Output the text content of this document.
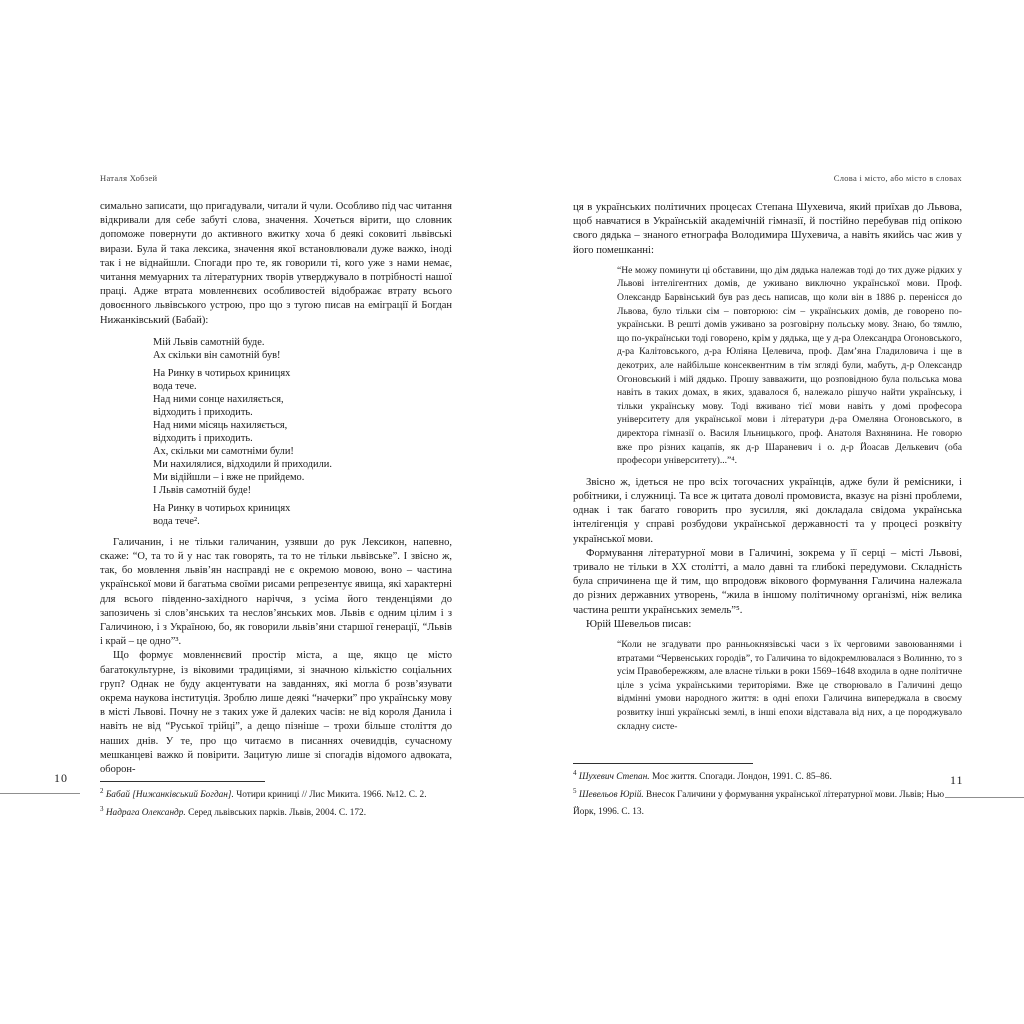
Наталя Хобзей

симально записати, що пригадували, читали й чули. Особливо під час читання відкривали для себе забуті слова, значення. Хочеться вірити, що словник допоможе повернути до активного вжитку хоча б деякі соковиті львівські вирази. Була й така лексика, значення якої встановлювали дуже важко, іноді так і не віднайшли. Спогади про те, як говорили ті, кого уже з нами немає, читання мемуарних та літературних творів утверджувало в потрібності нашої праці. Адже втрата мовленнєвих особливостей відображає втрату всього довоєнного львівського устрою, про що з тугою писав на еміграції й Богдан Нижанківський (Бабай):

Мій Львів самотній буде.

Ах скільки він самотній був!

На Ринку в чотирьох криницях

вода тече.

Над ними сонце нахиляється,

відходить і приходить.

Над ними місяць нахиляється,

відходить і приходить.

Ах, скільки ми самотніми були!

Ми нахилялися, відходили й приходили.

Ми відійшли – і вже не прийдемо.

І Львів самотній буде!

На Ринку в чотирьох криницях

вода тече².

Галичанин, і не тільки галичанин, узявши до рук Лексикон, напевно, скаже: “О, та то й у нас так говорять, та то не тільки львівське”. І звісно ж, так, бо мовлення львів’ян насправді не є окремою мовою, воно – частина української мови й багатьма своїми рисами репрезентує явища, які характерні для всього південно-західного наріччя, з усіма його тенденціями до запозичень зі слов’янських та неслов’янських мов. Львів є одним цілим і з Галичиною, і з Україною, бо, як говорили львів’яни старшої генерації, “Львів і край – це одно”³.

Що формує мовленнєвий простір міста, а ще, якщо це місто багатокультурне, із віковими традиціями, зі значною кількістю соціальних груп? Однак не буду акцентувати на завданнях, які могла б розв’язувати окрема наукова інституція. Зроблю лише деякі “начерки” про українську мову в місті Львові. Почну не з таких уже й далеких часів: не від короля Данила і навіть не від “Руської трійці”, а дещо пізніше – трохи більше століття до наших днів. У те, про що читаємо в писаннях очевидців, сучасному мешканцеві важко й повірити. Зацитую лише зі спогадів відомого адвоката, оборон-

$^2$ Бабай [Нижанківський Богдан]. Чотири криниці // Лис Микита. 1966. №12. С. 2.

$^3$ Надрага Олександр. Серед львівських парків. Львів, 2004. С. 172.

10
Слова і місто, або місто в словах

ця в українських політичних процесах Степана Шухевича, який приїхав до Львова, щоб навчатися в Українській академічній гімназії, й постійно перебував під опікою свого дядька – знаного етнографа Володимира Шухевича, а навіть якийсь час жив у його помешканні:

“Не можу поминути ці обставини, що дім дядька належав тоді до тих дуже рідких у Львові інтелігентних домів, де уживано виключно української мови. Проф. Олександр Барвінський був раз десь написав, що коли він в 1886 р. перенісся до Львова, було тільки сім – повторюю: сім – українських домів, де говорено по-українськи. В решті домів уживано за розговірну польську мову. Знаю, бо тямлю, що по-українськи тоді говорено, крім у дядька, ще у д-ра Олександра Огоновського, д-ра Калітовського, д-ра Юліяна Целевича, проф. Дам’яна Гладиловича і ще в декотрих, але найбільше консеквентним в тім згляді були, мабуть, д-р Олександр Огоновський і мій дядько. Прошу завважити, що розповідною була польська мова навіть в таких домах, в яких, здавалося б, належало рішучо найти українську, і тільки українську мову. Тоді вживано тієї мови навіть у домі професора університету для української мови і літератури д-ра Омеляна Огоновського, в директора гімназії о. Василя Ільницького, проф. Анатоля Вахнянина. Не говорю вже про різних кацапів, як д-р Шараневич і о. д-р Йоасав Делькевич (оба професори університету)...”⁴.

Звісно ж, ідеться не про всіх тогочасних українців, адже були й ремісники, і робітники, і служниці. Та все ж цитата доволі промовиста, вказує на різні проблеми, однак і так багато говорить про зусилля, які докладала свідома українська інтелігенція у справі розбудови української державності та у процесі розквіту української мови.

Формування літературної мови в Галичині, зокрема у її серці – місті Львові, тривало не тільки в XX столітті, а мало давні та глибокі передумови. Складність була спричинена ще й тим, що впродовж вікового формування Галичина належала до різних державних утворень, “жила в іншому політичному організмі, ніж велика частина решти українських земель”⁵.

Юрій Шевельов писав:

“Коли не згадувати про ранньокнязівські часи з їх черговими завоюваннями і втратами “Червенських городів”, то Галичина то відокремлювалася з Волинню, то з усім Правобережжям, але власне тільки в роки 1569–1648 входила в одне політичне ціле з усіма українськими територіями. Вже це створювало в Галичині дещо відмінні умови народного життя: в одні епохи Галичина випереджала в своєму розвитку інші українські землі, в інші епохи відставала від них, а це породжувало складну систе-

$^4$ Шухевич Степан. Моє життя. Спогади. Лондон, 1991. С. 85–86.

$^5$ Шевельов Юрій. Внесок Галичини у формування української літературної мови. Львів; Нью Йорк, 1996. С. 13.

11
